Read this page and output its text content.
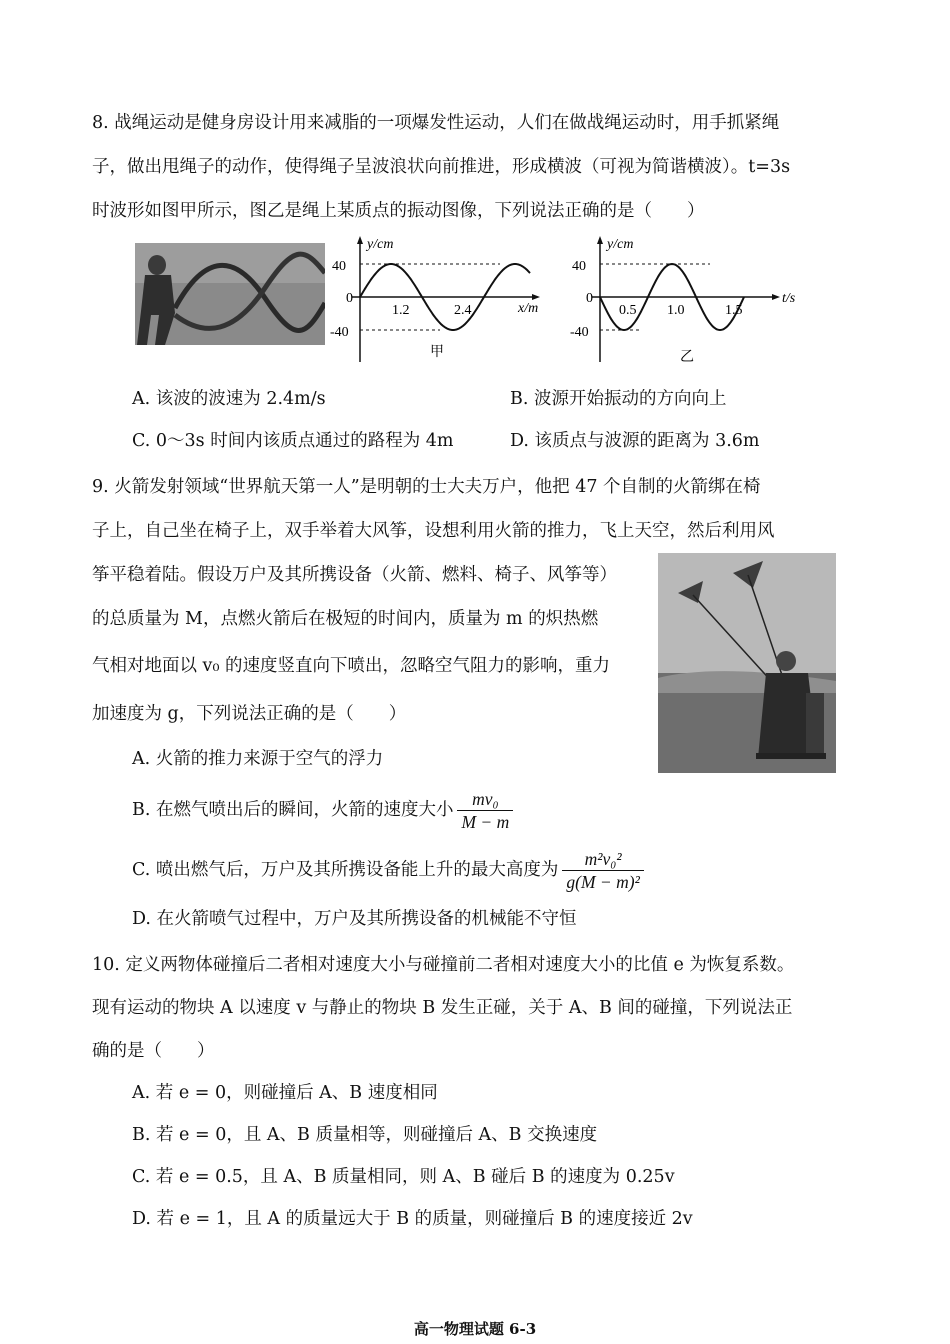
8. 战绳运动是健身房设计用来减脂的一项爆发性运动，人们在做战绳运动时，用手抓紧绳
子，做出甩绳子的动作，使得绳子呈波浪状向前推进，形成横波（可视为简谐横波）。t=3s
时波形如图甲所示，图乙是绳上某质点的振动图像，下列说法正确的是（　　）
y/cm
40
0
-40
1.2	2.4	x/m
甲
y/cm
40
0
-40
0.5 1.0	1.5
t/s
乙
A. 该波的波速为 2.4m/s	B. 波源开始振动的方向向上
C. 0～3s 时间内该质点通过的路程为 4m	D. 该质点与波源的距离为 3.6m
9. 火箭发射领域“世界航天第一人”是明朝的士大夫万户，他把 47 个自制的火箭绑在椅
子上，自己坐在椅子上，双手举着大风筝，设想利用火箭的推力，飞上天空，然后利用风
筝平稳着陆。假设万户及其所携设备（火箭、燃料、椅子、风筝等）
的总质量为 M，点燃火箭后在极短的时间内，质量为 m 的炽热燃
气相对地面以 v₀ 的速度竖直向下喷出，忽略空气阻力的影响，重力
加速度为 g，下列说法正确的是（　　）
A. 火箭的推力来源于空气的浮力
B. 在燃气喷出后的瞬间，火箭的速度大小 $\frac{\text{mv₀}}{M - m}$
C. 喷出燃气后，万户及其所携设备能上升的最大高度为 $\frac{\text{m²v₀²}}{\text{g(M − m)²}}$
D. 在火箭喷气过程中，万户及其所携设备的机械能不守恒
10. 定义两物体碰撞后二者相对速度大小与碰撞前二者相对速度大小的比值 e 为恢复系数。
现有运动的物块 A 以速度 v 与静止的物块 B 发生正碰，关于 A、B 间的碰撞，下列说法正
确的是（　　）
A. 若 e = 0，则碰撞后 A、B 速度相同
B. 若 e = 0，且 A、B 质量相等，则碰撞后 A、B 交换速度
C. 若 e = 0.5，且 A、B 质量相同，则 A、B 碰后 B 的速度为 0.25v
D. 若 e = 1，且 A 的质量远大于 B 的质量，则碰撞后 B 的速度接近 2v
高一物理试题 6-3
